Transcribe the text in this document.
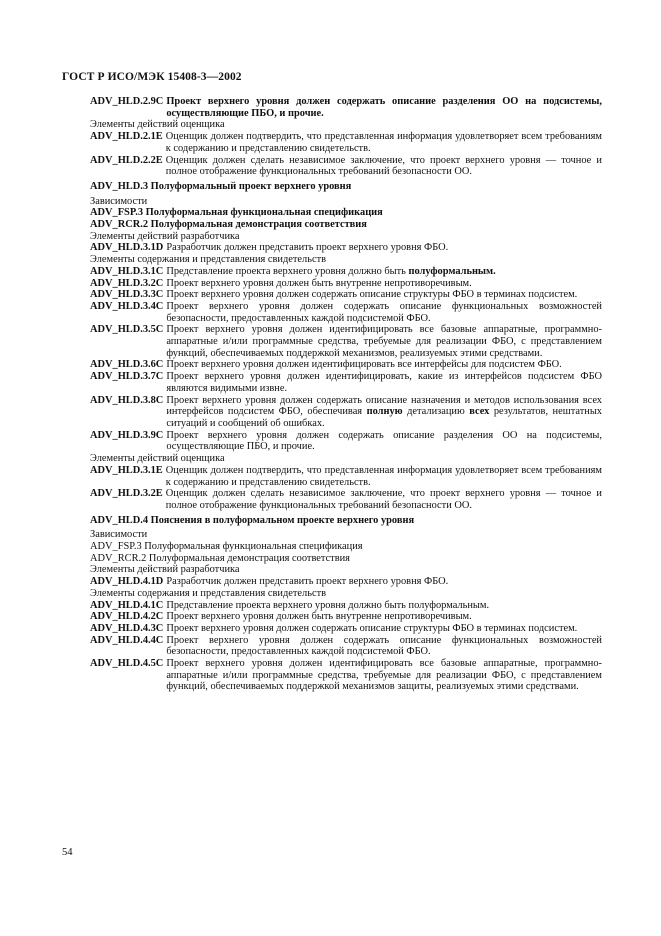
ГОСТ Р ИСО/МЭК 15408-3—2002
ADV_HLD.2.9C Проект верхнего уровня должен содержать описание разделения ОО на подсистемы, осуществляющие ПБО, и прочие.
Элементы действий оценщика
ADV_HLD.2.1E Оценщик должен подтвердить, что представленная информация удовлетворяет всем требованиям к содержанию и представлению свидетельств.
ADV_HLD.2.2E Оценщик должен сделать независимое заключение, что проект верхнего уровня — точное и полное отображение функциональных требований безопасности ОО.
ADV_HLD.3 Полуформальный проект верхнего уровня
Зависимости
ADV_FSP.3 Полуформальная функциональная спецификация
ADV_RCR.2 Полуформальная демонстрация соответствия
Элементы действий разработчика
ADV_HLD.3.1D Разработчик должен представить проект верхнего уровня ФБО.
Элементы содержания и представления свидетельств
ADV_HLD.3.1C Представление проекта верхнего уровня должно быть полуформальным.
ADV_HLD.3.2C Проект верхнего уровня должен быть внутренне непротиворечивым.
ADV_HLD.3.3C Проект верхнего уровня должен содержать описание структуры ФБО в терминах подсистем.
ADV_HLD.3.4C Проект верхнего уровня должен содержать описание функциональных возможностей безопасности, предоставленных каждой подсистемой ФБО.
ADV_HLD.3.5C Проект верхнего уровня должен идентифицировать все базовые аппаратные, программно-аппаратные и/или программные средства, требуемые для реализации ФБО, с представлением функций, обеспечиваемых поддержкой механизмов, реализуемых этими средствами.
ADV_HLD.3.6C Проект верхнего уровня должен идентифицировать все интерфейсы для подсистем ФБО.
ADV_HLD.3.7C Проект верхнего уровня должен идентифицировать, какие из интерфейсов подсистем ФБО являются видимыми извне.
ADV_HLD.3.8C Проект верхнего уровня должен содержать описание назначения и методов использования всех интерфейсов подсистем ФБО, обеспечивая полную детализацию всех результатов, нештатных ситуаций и сообщений об ошибках.
ADV_HLD.3.9C Проект верхнего уровня должен содержать описание разделения ОО на подсистемы, осуществляющие ПБО, и прочие.
Элементы действий оценщика
ADV_HLD.3.1E Оценщик должен подтвердить, что представленная информация удовлетворяет всем требованиям к содержанию и представлению свидетельств.
ADV_HLD.3.2E Оценщик должен сделать независимое заключение, что проект верхнего уровня — точное и полное отображение функциональных требований безопасности ОО.
ADV_HLD.4 Пояснения в полуформальном проекте верхнего уровня
Зависимости
ADV_FSP.3 Полуформальная функциональная спецификация
ADV_RCR.2 Полуформальная демонстрация соответствия
Элементы действий разработчика
ADV_HLD.4.1D Разработчик должен представить проект верхнего уровня ФБО.
Элементы содержания и представления свидетельств
ADV_HLD.4.1C Представление проекта верхнего уровня должно быть полуформальным.
ADV_HLD.4.2C Проект верхнего уровня должен быть внутренне непротиворечивым.
ADV_HLD.4.3C Проект верхнего уровня должен содержать описание структуры ФБО в терминах подсистем.
ADV_HLD.4.4C Проект верхнего уровня должен содержать описание функциональных возможностей безопасности, предоставленных каждой подсистемой ФБО.
ADV_HLD.4.5C Проект верхнего уровня должен идентифицировать все базовые аппаратные, программно-аппаратные и/или программные средства, требуемые для реализации ФБО, с представлением функций, обеспечиваемых поддержкой механизмов защиты, реализуемых этими средствами.
54
